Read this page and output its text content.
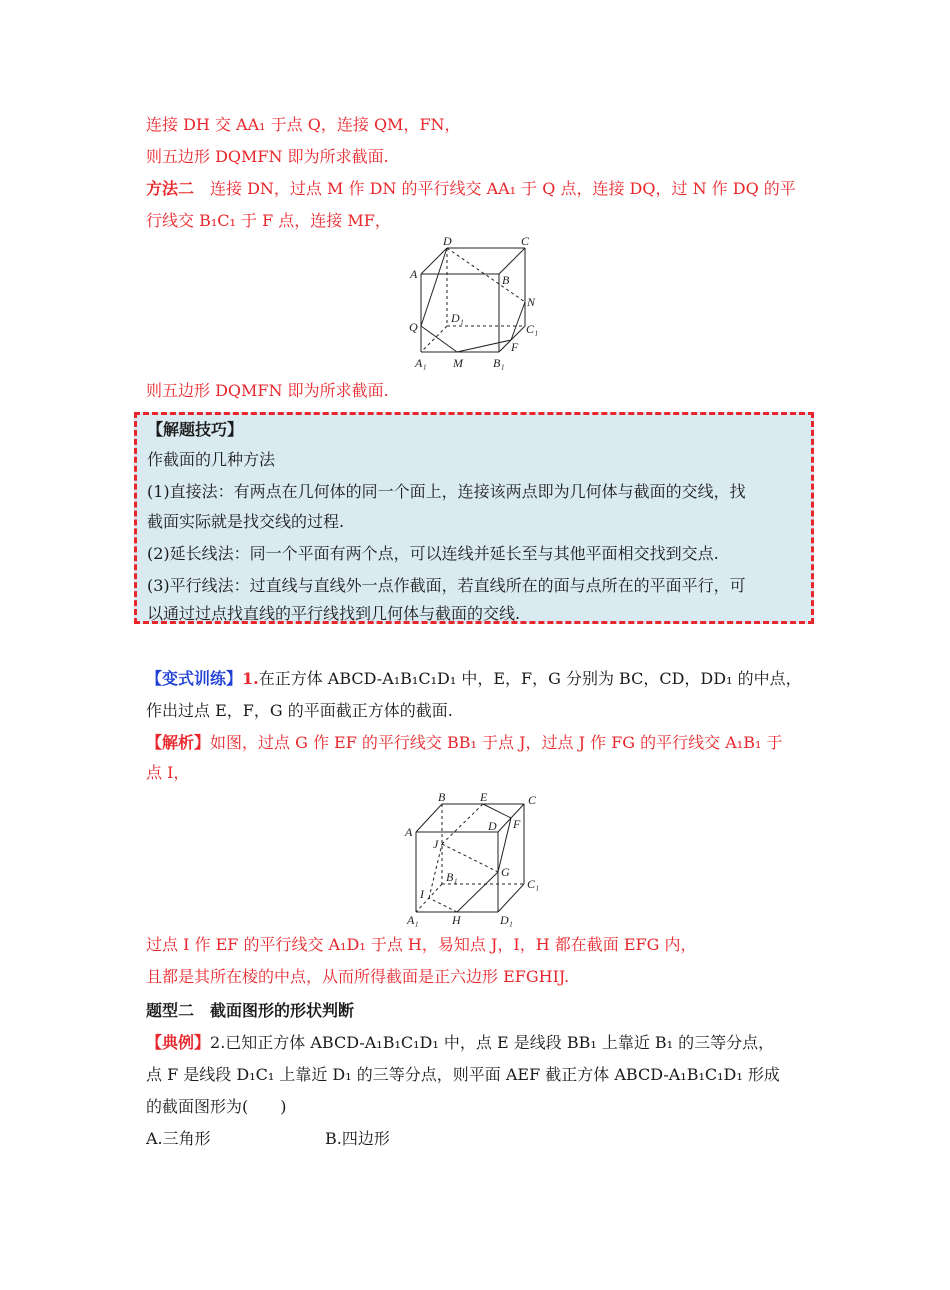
连接 DH 交 AA₁ 于点 Q，连接 QM，FN，
则五边形 DQMFN 即为所求截面.
方法二　连接 DN，过点 M 作 DN 的平行线交 AA₁ 于 Q 点，连接 DQ，过 N 作 DQ 的平
行线交 B₁C₁ 于 F 点，连接 MF，
D	C
A	B
N
D₁
C₁
Q
F
A₁ M	B₁
则五边形 DQMFN 即为所求截面.
【解题技巧】
作截面的几种方法
(1)直接法：有两点在几何体的同一个面上，连接该两点即为几何体与截面的交线，找
截面实际就是找交线的过程.
(2)延长线法：同一个平面有两个点，可以连线并延长至与其他平面相交找到交点.
(3)平行线法：过直线与直线外一点作截面，若直线所在的面与点所在的平面平行，可
以通过过点找直线的平行线找到几何体与截面的交线.
【变式训练】1.在正方体 ABCD-A₁B₁C₁D₁ 中，E，F，G 分别为 BC，CD，DD₁ 的中点，
作出过点 E，F，G 的平面截正方体的截面.
【解析】如图，过点 G 作 EF 的平行线交 BB₁ 于点 J，过点 J 作 FG 的平行线交 A₁B₁ 于
点 I，
B	E	C
A	D F
J
G
B₁	C₁
I
A₁	H	D₁
过点 I 作 EF 的平行线交 A₁D₁ 于点 H，易知点 J，I，H 都在截面 EFG 内，
且都是其所在棱的中点，从而所得截面是正六边形 EFGHIJ.
题型二　截面图形的形状判断
【典例】2.已知正方体 ABCD-A₁B₁C₁D₁ 中，点 E 是线段 BB₁ 上靠近 B₁ 的三等分点，
点 F 是线段 D₁C₁ 上靠近 D₁ 的三等分点，则平面 AEF 截正方体 ABCD-A₁B₁C₁D₁ 形成
的截面图形为(　　)
A.三角形	B.四边形
